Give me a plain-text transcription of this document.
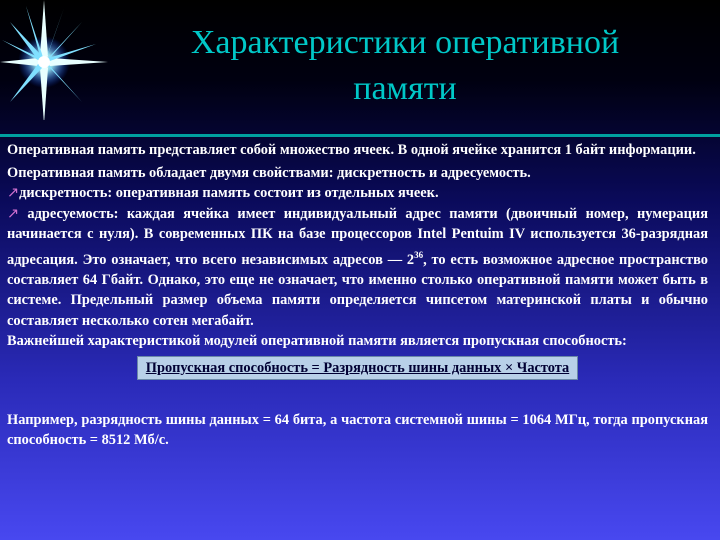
Характеристики оперативной
памяти

Оперативная память представляет собой множество ячеек. В одной ячейке хранится 1 байт информации.

Оперативная память обладает двумя свойствами: дискретность и адресуемость.

↗дискретность: оперативная память состоит из отдельных ячеек.

↗ адресуемость: каждая ячейка имеет индивидуальный адрес памяти (двоичный номер, нумерация начинается с нуля). В современных ПК на базе процессоров Intel Pentuim IV используется 36-разрядная адресация. Это означает, что всего независимых адресов — $2^{36}$, то есть возможное адресное пространство составляет 64 Гбайт. Однако, это еще не означает, что именно столько оперативной памяти может быть в системе. Предельный размер объема памяти определяется чипсетом материнской платы и обычно составляет несколько сотен мегабайт.

Важнейшей характеристикой модулей оперативной памяти является пропускная способность:

Пропускная способность = Разрядность шины данных × Частота

Например, разрядность шины данных = 64 бита, а частота системной шины = 1064 МГц, тогда пропускная способность = 8512 Мб/с.
